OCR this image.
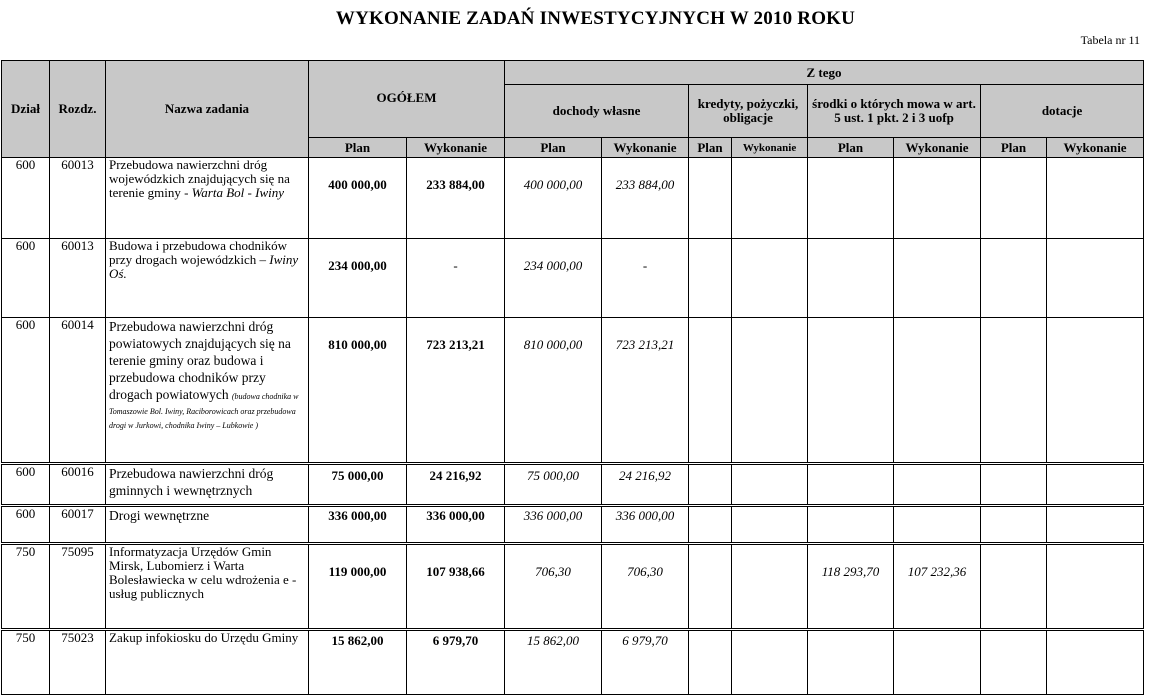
WYKONANIE ZADAŃ INWESTYCYJNYCH W 2010 ROKU
Tabela nr 11
Dział	Rozdz.	Nazwa zadania	OGÓŁEM		Z tego							
					dochody własne		kredyty, pożyczki, obligacje		środki o których mowa w art. 5 ust. 1 pkt. 2 i 3 uofp		dotacje	
			Plan	Wykonanie	Plan	Wykonanie	Plan	Wykonanie	Plan	Wykonanie	Plan	Wykonanie
600	60013	Przebudowa nawierzchni dróg wojewódzkich znajdujących się na terenie gminy - Warta Bol - Iwiny	400 000,00	233 884,00	400 000,00	233 884,00						
600	60013	Budowa i przebudowa chodników przy drogach wojewódzkich – Iwiny Oś.	234 000,00	-	234 000,00	-						
600	60014	Przebudowa nawierzchni dróg powiatowych znajdujących się na terenie gminy oraz budowa i przebudowa chodników przy drogach powiatowych (budowa chodnika w Tomaszowie Bol. Iwiny, Raciborowicach oraz przebudowa drogi w Jurkowi, chodnika Iwiny – Lubkowie )	810 000,00	723 213,21	810 000,00	723 213,21						
600	60016	Przebudowa nawierzchni dróg gminnych i wewnętrznych	75 000,00	24 216,92	75 000,00	24 216,92						
600	60017	Drogi wewnętrzne	336 000,00	336 000,00	336 000,00	336 000,00						
750	75095	Informatyzacja Urzędów Gmin Mirsk, Lubomierz i Warta Bolesławiecka w celu wdrożenia e -usług publicznych	119 000,00	107 938,66	706,30	706,30			118 293,70	107 232,36		
750	75023	Zakup infokiosku do Urzędu Gminy	15 862,00	6 979,70	15 862,00	6 979,70						
